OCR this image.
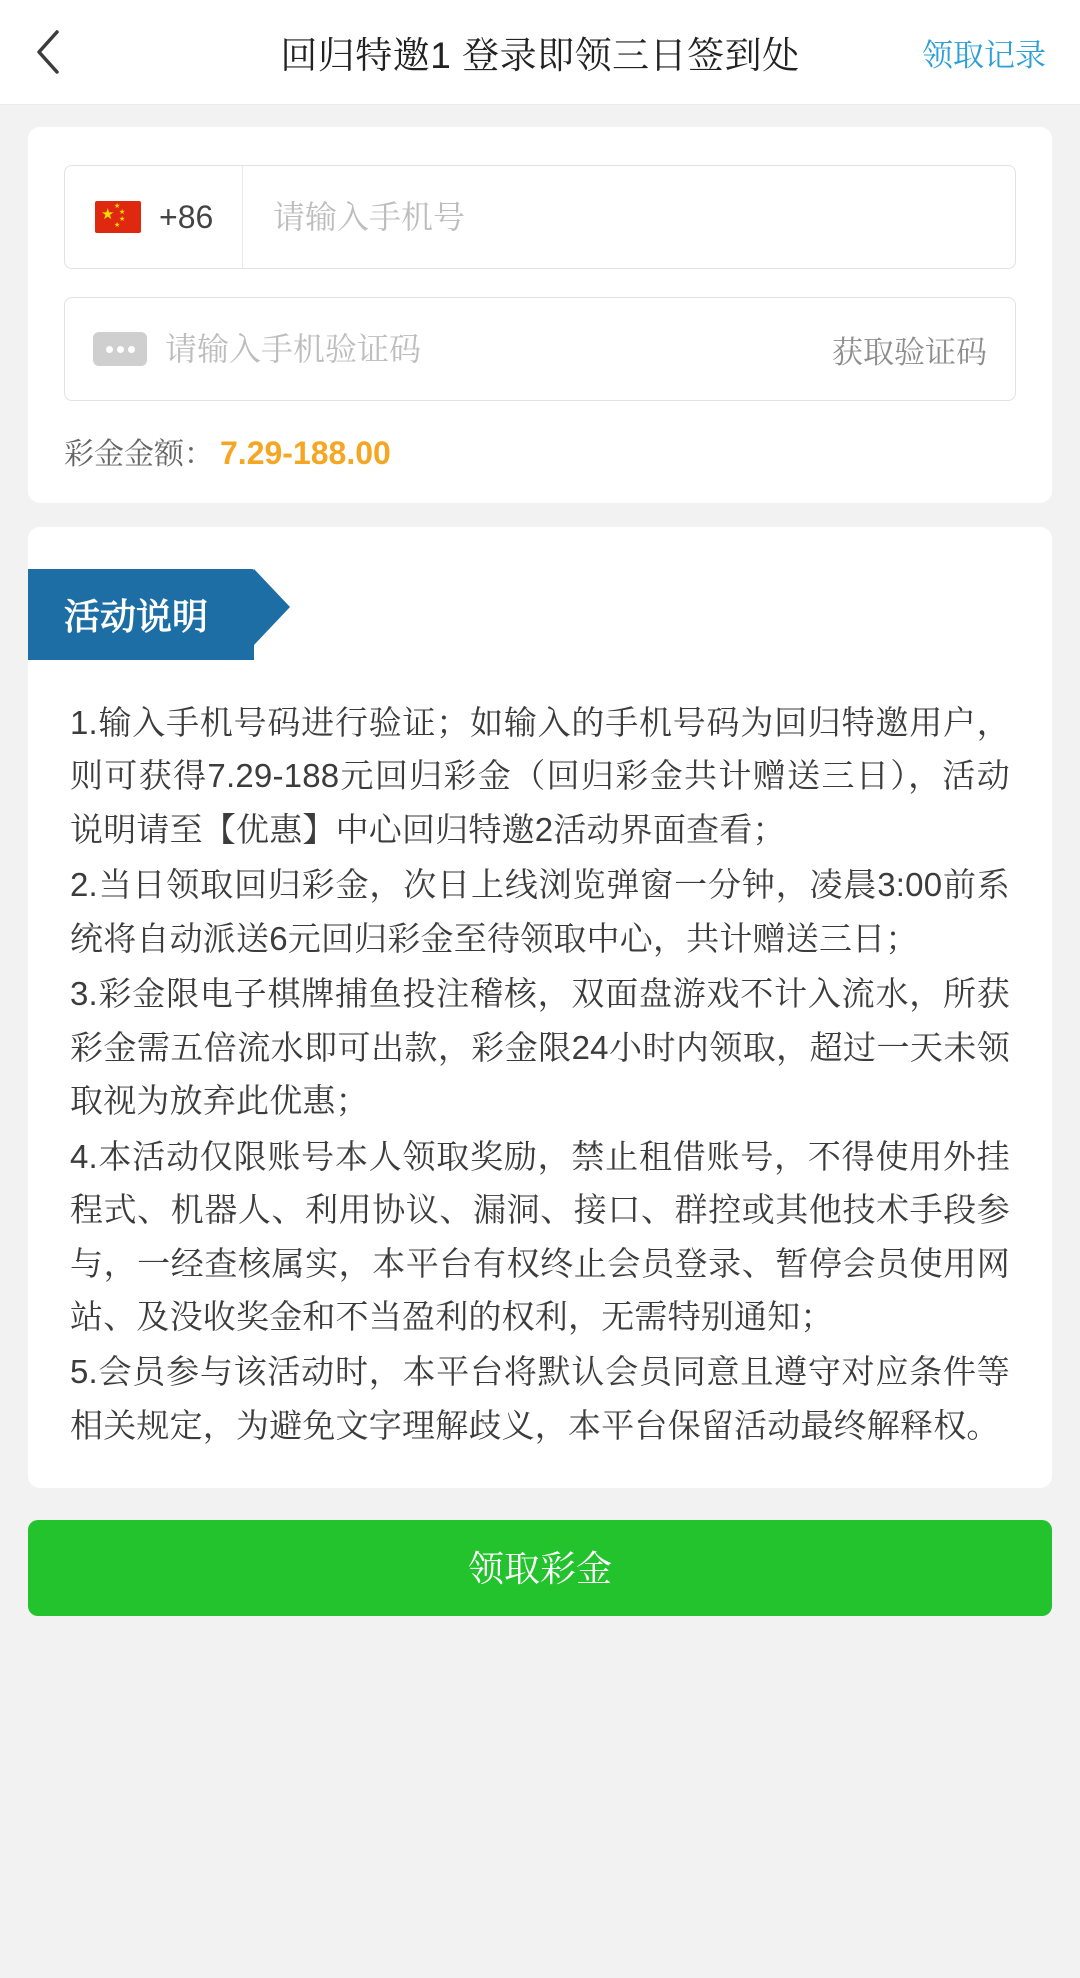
回归特邀1 登录即领三日签到处	领取记录
★ ★
★
★
★ +86
请输入手机号
请输入手机验证码
获取验证码
彩金金额： 7.29-188.00
活动说明

1.输入手机号码进行验证；如输入的手机号码为回归特邀用户，则可获得7.29-188元回归彩金（回归彩金共计赠送三日），活动说明请至【优惠】中心回归特邀2活动界面查看；

2.当日领取回归彩金，次日上线浏览弹窗一分钟，凌晨3:00前系统将自动派送6元回归彩金至待领取中心，共计赠送三日；

3.彩金限电子棋牌捕鱼投注稽核，双面盘游戏不计入流水，所获彩金需五倍流水即可出款，彩金限24小时内领取，超过一天未领取视为放弃此优惠；

4.本活动仅限账号本人领取奖励，禁止租借账号，不得使用外挂程式、机器人、利用协议、漏洞、接口、群控或其他技术手段参与，一经查核属实，本平台有权终止会员登录、暂停会员使用网站、及没收奖金和不当盈利的权利，无需特别通知；

5.会员参与该活动时，本平台将默认会员同意且遵守对应条件等相关规定，为避免文字理解歧义，本平台保留活动最终解释权。

领取彩金
